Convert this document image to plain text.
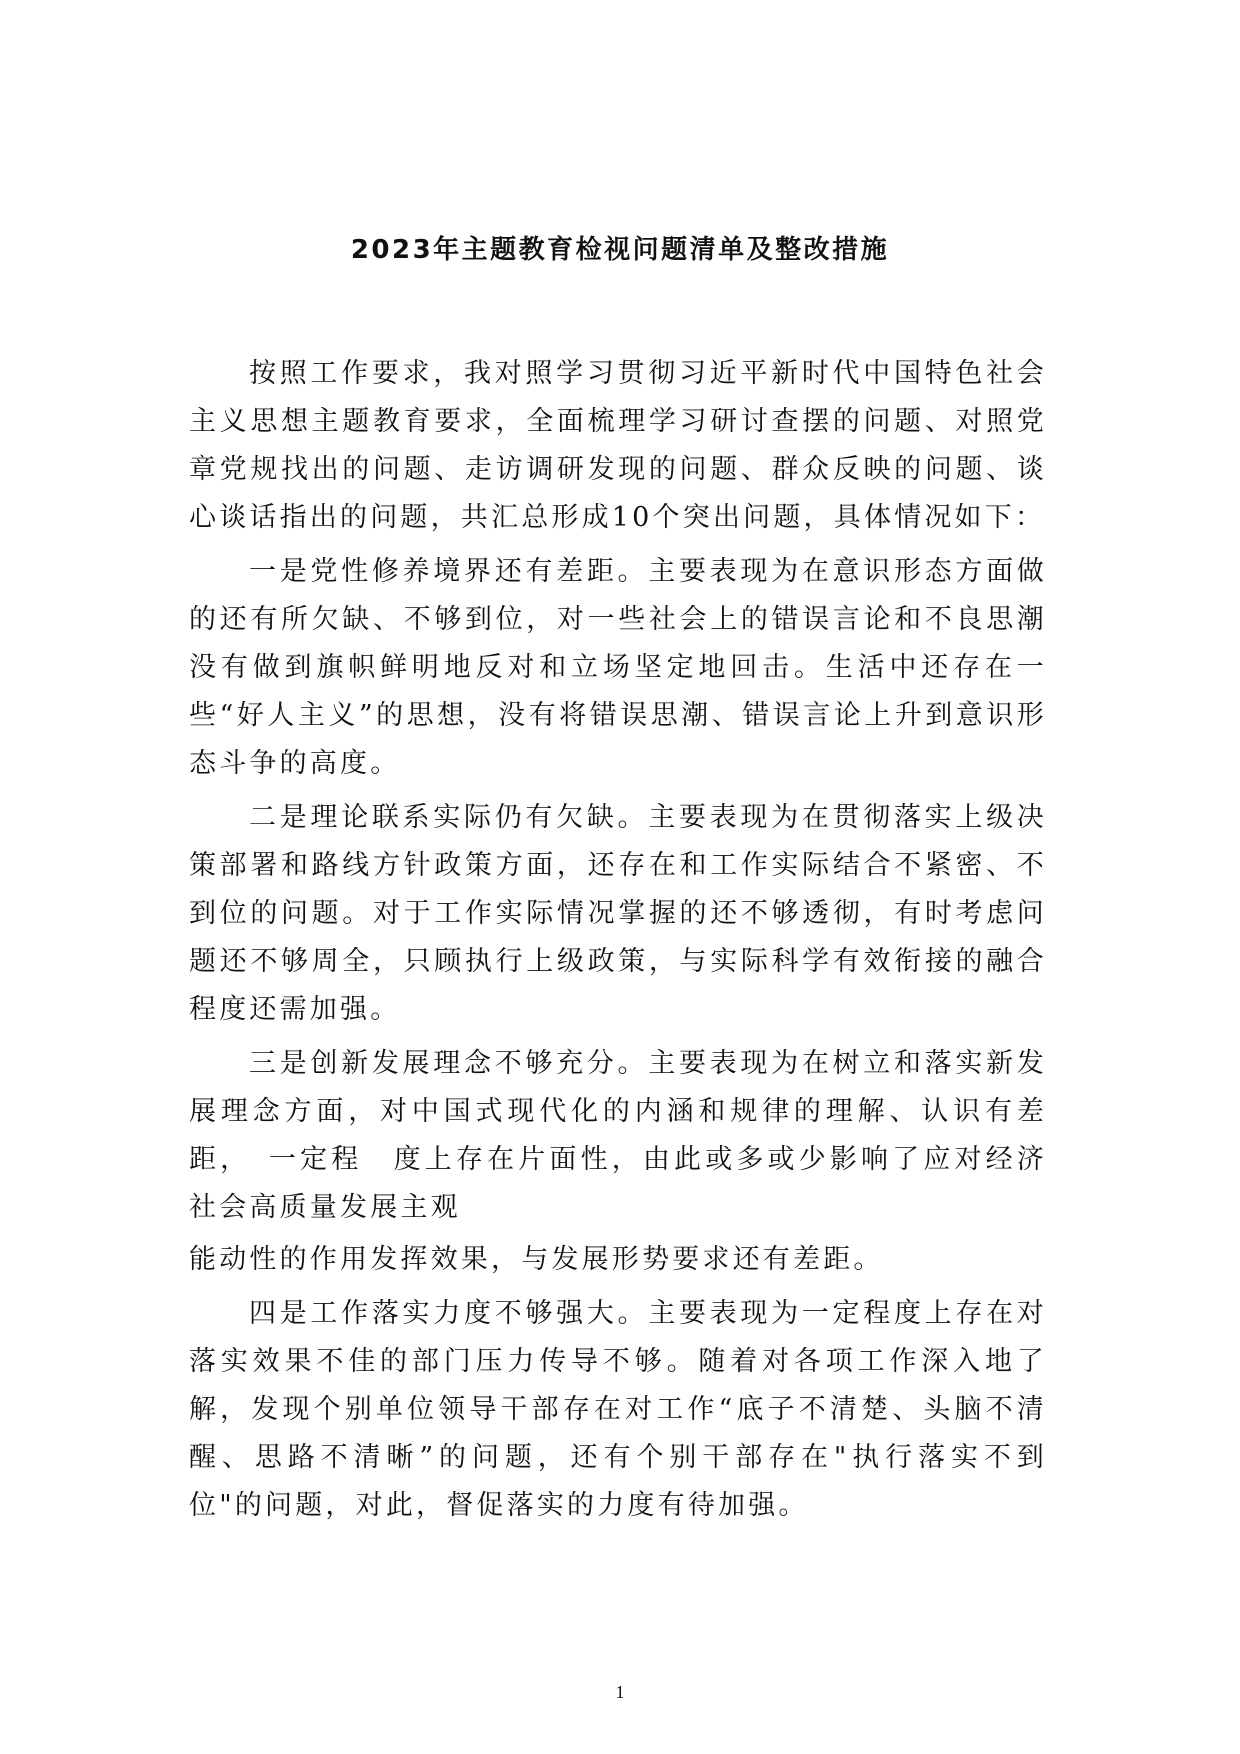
2023年主题教育检视问题清单及整改措施

按照工作要求，我对照学习贯彻习近平新时代中国特色社会主义思想主题教育要求，全面梳理学习研讨查摆的问题、对照党章党规找出的问题、走访调研发现的问题、群众反映的问题、谈心谈话指出的问题，共汇总形成10个突出问题，具体情况如下：

一是党性修养境界还有差距。主要表现为在意识形态方面做的还有所欠缺、不够到位，对一些社会上的错误言论和不良思潮没有做到旗帜鲜明地反对和立场坚定地回击。生活中还存在一些“好人主义”的思想，没有将错误思潮、错误言论上升到意识形态斗争的高度。

二是理论联系实际仍有欠缺。主要表现为在贯彻落实上级决策部署和路线方针政策方面，还存在和工作实际结合不紧密、不到位的问题。对于工作实际情况掌握的还不够透彻，有时考虑问题还不够周全，只顾执行上级政策，与实际科学有效衔接的融合程度还需加强。

三是创新发展理念不够充分。主要表现为在树立和落实新发展理念方面，对中国式现代化的内涵和规律的理解、认识有差距，　一定程　度上存在片面性，由此或多或少影响了应对经济社会高质量发展主观

能动性的作用发挥效果，与发展形势要求还有差距。

四是工作落实力度不够强大。主要表现为一定程度上存在对落实效果不佳的部门压力传导不够。随着对各项工作深入地了解，发现个别单位领导干部存在对工作“底子不清楚、头脑不清醒、思路不清晰”的问题，还有个别干部存在"执行落实不到位"的问题，对此，督促落实的力度有待加强。

1
